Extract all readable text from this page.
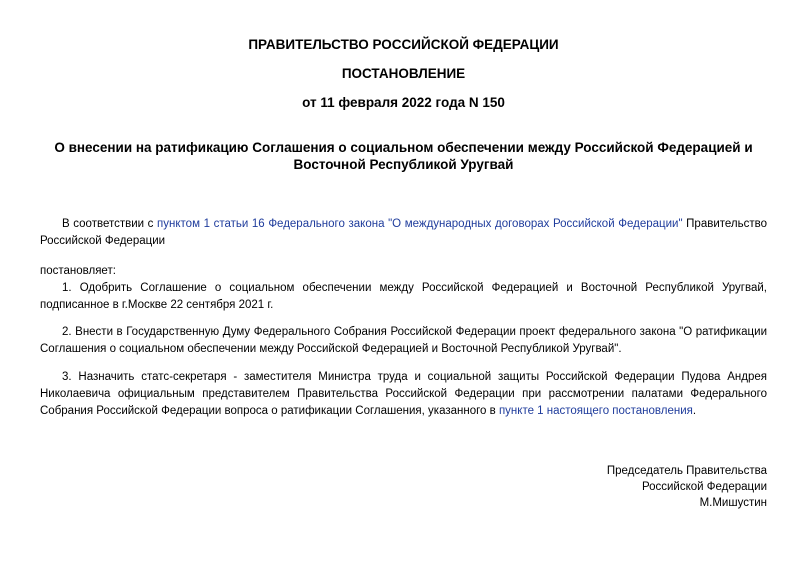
ПРАВИТЕЛЬСТВО РОССИЙСКОЙ ФЕДЕРАЦИИ
ПОСТАНОВЛЕНИЕ
от 11 февраля 2022 года N 150
О внесении на ратификацию Соглашения о социальном обеспечении между Российской Федерацией и
Восточной Республикой Уругвай
В соответствии с пунктом 1 статьи 16 Федерального закона "О международных договорах Российской Федерации" Правительство Российской Федерации
постановляет:
1. Одобрить Соглашение о социальном обеспечении между Российской Федерацией и Восточной Республикой Уругвай, подписанное в г.Москве 22 сентября 2021 г.
2. Внести в Государственную Думу Федерального Собрания Российской Федерации проект федерального закона "О ратификации Соглашения о социальном обеспечении между Российской Федерацией и Восточной Республикой Уругвай".
3. Назначить статс-секретаря - заместителя Министра труда и социальной защиты Российской Федерации Пудова Андрея Николаевича официальным представителем Правительства Российской Федерации при рассмотрении палатами Федерального Собрания Российской Федерации вопроса о ратификации Соглашения, указанного в пункте 1 настоящего постановления.
Председатель Правительства
Российской Федерации
М.Мишустин
